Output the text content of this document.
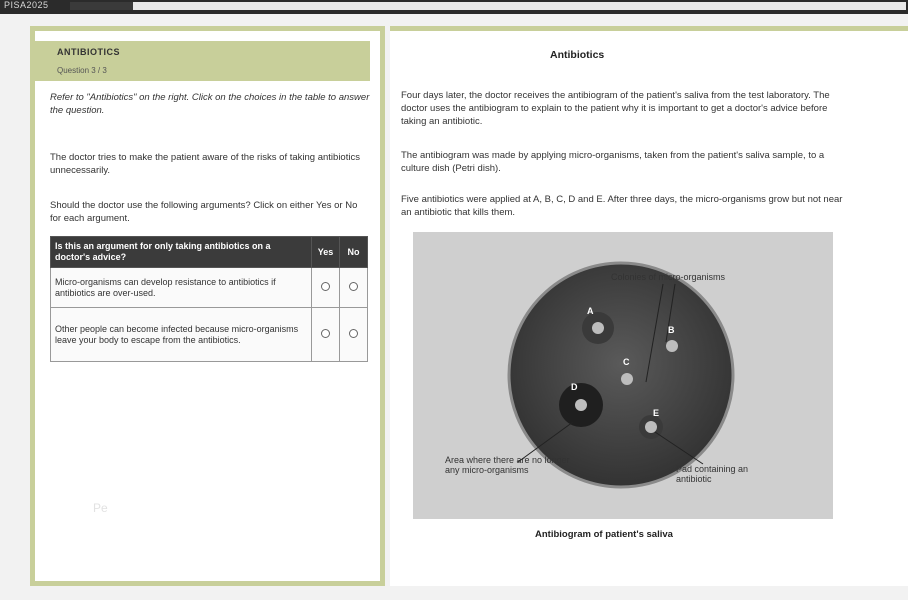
PISA2025
ANTIBIOTICS
Question 3 / 3
Refer to "Antibiotics" on the right. Click on the choices in the table to answer the question.
The doctor tries to make the patient aware of the risks of taking antibiotics unnecessarily.
Should the doctor use the following arguments? Click on either Yes or No for each argument.
Is this an argument for only taking antibiotics on a doctor's advice?	Yes	No
Micro-organisms can develop resistance to antibiotics if antibiotics are over-used.		
Other people can become infected because micro-organisms leave your body to escape from the antibiotics.		
Pe
Antibiotics
Four days later, the doctor receives the antibiogram of the patient's saliva from the test laboratory. The doctor uses the antibiogram to explain to the patient why it is important to get a doctor's advice before taking an antibiotic.
The antibiogram was made by applying micro-organisms, taken from the patient's saliva sample, to a culture dish (Petri dish).
Five antibiotics were applied at A, B, C, D and E. After three days, the micro-organisms grow but not near an antibiotic that kills them.
A
B
C
D
E
Colonies of micro-organisms
Area where there are no longer any micro-organisms	Pad containing an antibiotic
Antibiogram of patient's saliva
